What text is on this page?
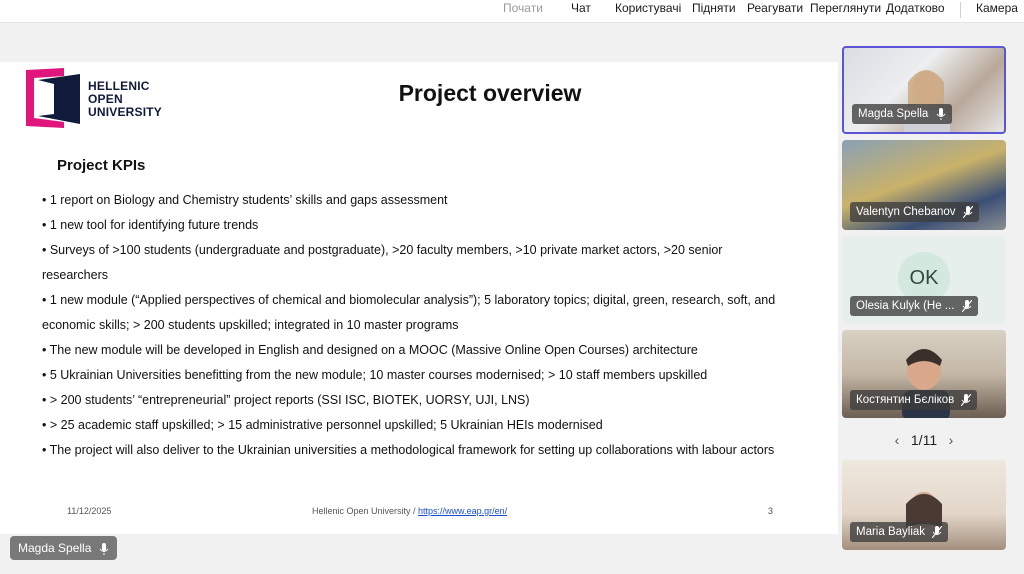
Почати Чат Користувачі Підняти Реагувати Переглянути Додатково	Камера
HELLENIC
OPEN
UNIVERSITY
Project overview
Project KPIs

• 1 report on Biology and Chemistry students’ skills and gaps assessment

• 1 new tool for identifying future trends

• Surveys of >100 students (undergraduate and postgraduate), >20 faculty members, >10 private market actors, >20 senior researchers

• 1 new module (“Applied perspectives of chemical and biomolecular analysis”); 5 laboratory topics; digital, green, research, soft, and economic skills; > 200 students upskilled; integrated in 10 master programs

• The new module will be developed in English and designed on a MOOC (Massive Online Open Courses) architecture

• 5 Ukrainian Universities benefitting from the new module; 10 master courses modernised; > 10 staff members upskilled

• > 200 students’ “entrepreneurial” project reports (SSI ISC, BIOTEK, UORSY, UJI, LNS)

• > 25 academic staff upskilled; > 15 administrative personnel upskilled; 5 Ukrainian HEIs modernised

• The project will also deliver to the Ukrainian universities a methodological framework for setting up collaborations with labour actors

11/12/2025	Hellenic Open University / https://www.eap.gr/en/	3
Magda Spella
Valentyn Chebanov
OK
Olesia Kulyk (Не ...
Костянтин Бєліков
‹ 1/11 ›
Maria Bayliak
Magda Spella
